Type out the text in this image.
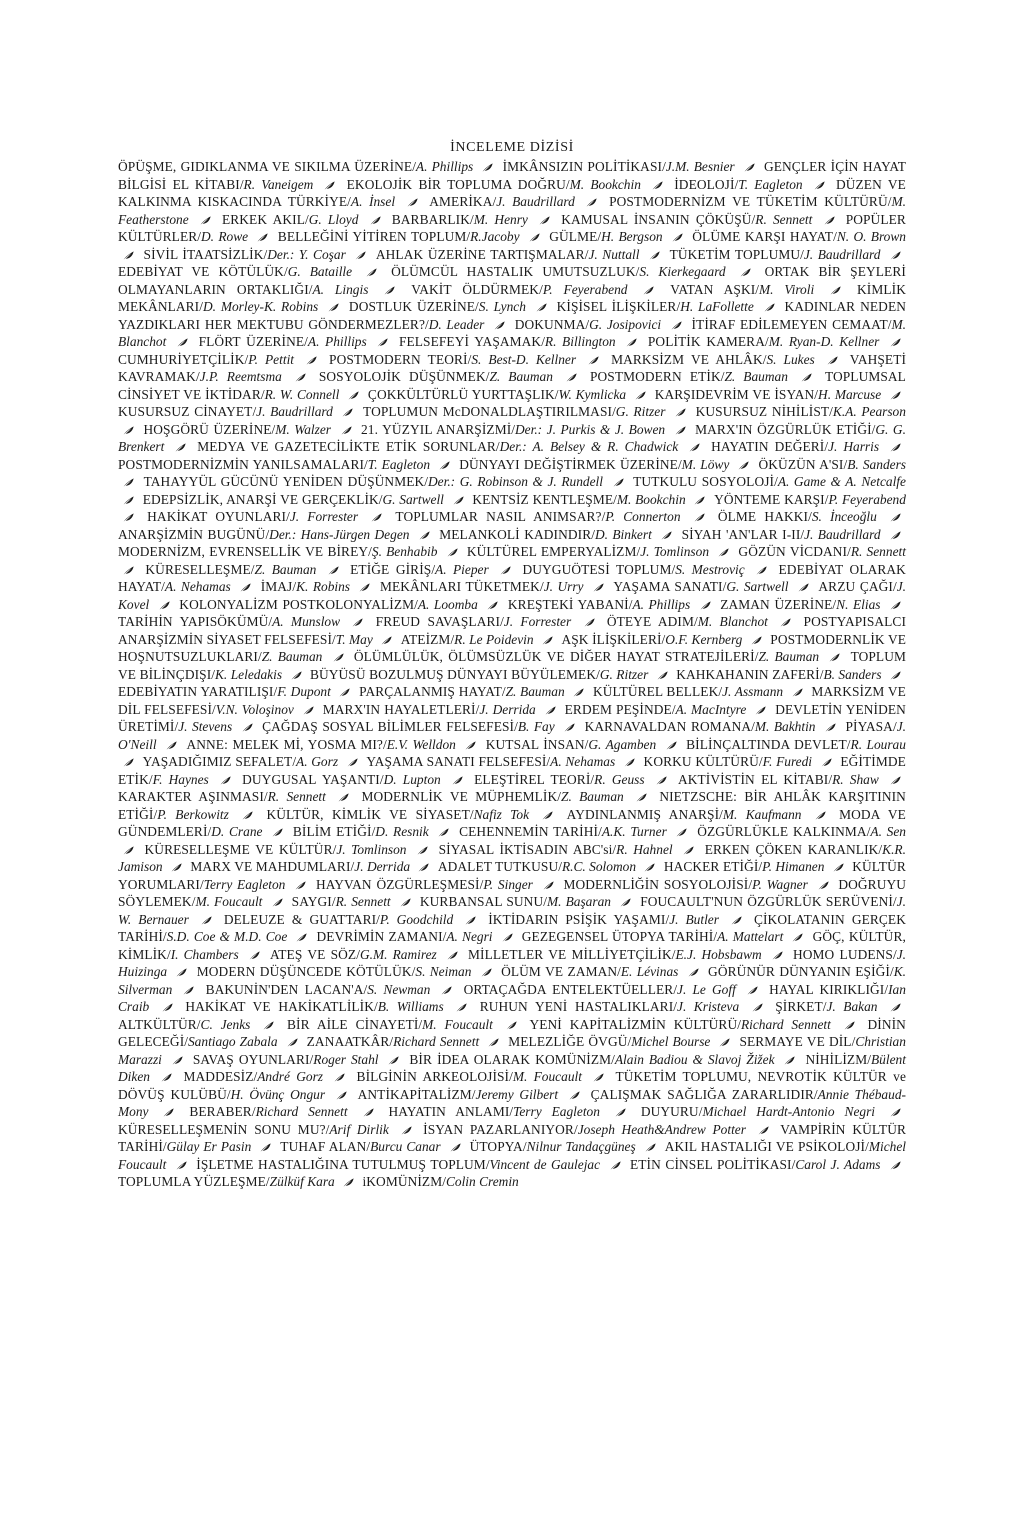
İNCELEME DİZİSİ

ÖPÜŞME, GIDIKLANMA VE SIKILMA ÜZERİNE/A. Phillips İMKÂNSIZIN POLİTİKASI/J.M. Besnier GENÇLER İÇİN HAYAT BİLGİSİ EL KİTABI/R. Vaneigem EKOLOJİK BİR TOPLUMA DOĞRU/M. Bookchin İDEOLOJİ/T. Eagleton DÜZEN VE KALKINMA KISKACINDA TÜRKİYE/A. İnsel	AMERİKA/J. Baudrillard	POSTMODERNİZM VE TÜKETİM KÜLTÜRÜ/M. Featherstone ERKEK AKIL/G. Lloyd BARBARLIK/M. Henry KAMUSAL İNSANIN ÇÖKÜŞÜ/R. Sennett POPÜLER KÜLTÜRLER/D. Rowe BELLEĞİNİ YİTİREN TOPLUM/R.Jacoby GÜLME/H. Bergson ÖLÜME KARŞI HAYAT/N. O. Brown
SİVİL İTAATSİZLİK/Der.: Y. Coşar AHLAK ÜZERİNE TARTIŞMALAR/J. Nuttall TÜKETİM TOPLUMU/J. Baudrillard
EDEBİYAT VE KÖTÜLÜK/G. Bataille	ÖLÜMCÜL HASTALIK UMUTSUZLUK/S. Kierkegaard	ORTAK BİR ŞEYLERİ OLMAYANLARIN ORTAKLIĞI/A. Lingis	VAKİT ÖLDÜRMEK/P. Feyerabend	VATAN AŞKI/M. Viroli	KİMLİK MEKÂNLARI/D. Morley-K. Robins DOSTLUK ÜZERİNE/S. Lynch KİŞİSEL İLİŞKİLER/H. LaFollette KADINLAR NEDEN YAZDIKLARI HER MEKTUBU GÖNDERMEZLER?/D. Leader DOKUNMA/G. Josipovici İTİRAF EDİLEMEYEN CEMAAT/M. Blanchot FLÖRT ÜZERİNE/A. Phillips FELSEFEYİ YAŞAMAK/R. Billington POLİTİK KAMERA/M. Ryan-D. Kellner
CUMHURİYETÇİLİK/P. Pettit	POSTMODERN TEORİ/S. Best-D. Kellner	MARKSİZM VE AHLÂK/S. Lukes	VAHŞETİ KAVRAMAK/J.P. Reemtsma	SOSYOLOJİK DÜŞÜNMEK/Z. Bauman	POSTMODERN ETİK/Z. Bauman	TOPLUMSAL CİNSİYET VE İKTİDAR/R. W. Connell ÇOKKÜLTÜRLÜ YURTTAŞLIK/W. Kymlicka KARŞIDEVRİM VE İSYAN/H. Marcuse
KUSURSUZ CİNAYET/J. Baudrillard TOPLUMUN McDONALDLAŞTIRILMASI/G. Ritzer KUSURSUZ NİHİLİST/K.A. Pearson
HOŞGÖRÜ ÜZERİNE/M. Walzer 21. YÜZYIL ANARŞİZMİ/Der.: J. Purkis & J. Bowen MARX'IN ÖZGÜRLÜK ETİĞİ/G. G. Brenkert MEDYA VE GAZETECİLİKTE ETİK SORUNLAR/Der.: A. Belsey & R. Chadwick HAYATIN DEĞERİ/J. Harris
POSTMODERNİZMİN YANILSAMALARI/T. Eagleton DÜNYAYI DEĞİŞTİRMEK ÜZERİNE/M. Löwy ÖKÜZÜN A'SI/B. Sanders
TAHAYYÜL GÜCÜNÜ YENİDEN DÜŞÜNMEK/Der.: G. Robinson & J. Rundell TUTKULU SOSYOLOJİ/A. Game & A. Netcalfe
EDEPSİZLİK, ANARŞİ VE GERÇEKLİK/G. Sartwell KENTSİZ KENTLEŞME/M. Bookchin YÖNTEME KARŞI/P. Feyerabend
HAKİKAT OYUNLARI/J. Forrester	TOPLUMLAR NASIL ANIMSAR?/P. Connerton	ÖLME HAKKI/S. İnceoğlu
ANARŞİZMİN BUGÜNÜ/Der.: Hans-Jürgen Degen MELANKOLİ KADINDIR/D. Binkert SİYAH 'AN'LAR I-II/J. Baudrillard
MODERNİZM, EVRENSELLİK VE BİREY/Ş. Benhabib KÜLTÜREL EMPERYALİZM/J. Tomlinson GÖZÜN VİCDANI/R. Sennett
KÜRESELLEŞME/Z. Bauman	ETİĞE GİRİŞ/A. Pieper	DUYGUÖTESİ TOPLUM/S. Mestroviç	EDEBİYAT OLARAK HAYAT/A. Nehamas İMAJ/K. Robins MEKÂNLARI TÜKETMEK/J. Urry YAŞAMA SANATI/G. Sartwell ARZU ÇAĞI/J. Kovel KOLONYALİZM POSTKOLONYALİZM/A. Loomba KREŞTEKİ YABANİ/A. Phillips ZAMAN ÜZERİNE/N. Elias
TARİHİN YAPISÖKÜMÜ/A. Munslow	FREUD SAVAŞLARI/J. Forrester	ÖTEYE ADIM/M. Blanchot	POSTYAPISALCI ANARŞİZMİN SİYASET FELSEFESİ/T. May ATEİZM/R. Le Poidevin AŞK İLİŞKİLERİ/O.F. Kernberg POSTMODERNLİK VE HOŞNUTSUZLUKLARI/Z. Bauman ÖLÜMLÜLÜK, ÖLÜMSÜZLÜK VE DİĞER HAYAT STRATEJİLERİ/Z. Bauman TOPLUM VE BİLİNÇDIŞI/K. Leledakis BÜYÜSÜ BOZULMUŞ DÜNYAYI BÜYÜLEMEK/G. Ritzer KAHKAHANIN ZAFERİ/B. Sanders
EDEBİYATIN YARATILIŞI/F. Dupont PARÇALANMIŞ HAYAT/Z. Bauman KÜLTÜREL BELLEK/J. Assmann MARKSİZM VE DİL FELSEFESİ/V.N. Voloşinov MARX'IN HAYALETLERİ/J. Derrida ERDEM PEŞİNDE/A. MacIntyre DEVLETİN YENİDEN ÜRETİMİ/J. Stevens ÇAĞDAŞ SOSYAL BİLİMLER FELSEFESİ/B. Fay KARNAVALDAN ROMANA/M. Bakhtin PİYASA/J. O'Neill ANNE: MELEK Mİ, YOSMA MI?/E.V. Welldon KUTSAL İNSAN/G. Agamben BİLİNÇALTINDA DEVLET/R. Lourau
YAŞADIĞIMIZ SEFALET/A. Gorz YAŞAMA SANATI FELSEFESİ/A. Nehamas KORKU KÜLTÜRÜ/F. Furedi EĞİTİMDE ETİK/F. Haynes DUYGUSAL YAŞANTI/D. Lupton ELEŞTİREL TEORİ/R. Geuss AKTİVİSTİN EL KİTABI/R. Shaw
KARAKTER AŞINMASI/R. Sennett	MODERNLİK VE MÜPHEMLİK/Z. Bauman	NIETZSCHE: BİR AHLÂK KARŞITININ ETİĞİ/P. Berkowitz	KÜLTÜR, KİMLİK VE SİYASET/Nafiz Tok	AYDINLANMIŞ ANARŞİ/M. Kaufmann	MODA VE GÜNDEMLERİ/D. Crane BİLİM ETİĞİ/D. Resnik CEHENNEMİN TARİHİ/A.K. Turner ÖZGÜRLÜKLE KALKINMA/A. Sen
KÜRESELLEŞME VE KÜLTÜR/J. Tomlinson SİYASAL İKTİSADIN ABC'si/R. Hahnel ERKEN ÇÖKEN KARANLIK/K.R. Jamison MARX VE MAHDUMLARI/J. Derrida ADALET TUTKUSU/R.C. Solomon HACKER ETİĞİ/P. Himanen KÜLTÜR YORUMLARI/Terry Eagleton HAYVAN ÖZGÜRLEŞMESİ/P. Singer MODERNLİĞİN SOSYOLOJİSİ/P. Wagner DOĞRUYU SÖYLEMEK/M. Foucault SAYGI/R. Sennett KURBANSAL SUNU/M. Başaran FOUCAULT'NUN ÖZGÜRLÜK SERÜVENİ/J. W. Bernauer	DELEUZE & GUATTARI/P. Goodchild	İKTİDARIN PSİŞİK YAŞAMI/J. Butler	ÇİKOLATANIN GERÇEK TARİHİ/S.D. Coe & M.D. Coe DEVRİMİN ZAMANI/A. Negri GEZEGENSEL ÜTOPYA TARİHİ/A. Mattelart GÖÇ, KÜLTÜR, KİMLİK/I. Chambers ATEŞ VE SÖZ/G.M. Ramirez MİLLETLER VE MİLLİYETÇİLİK/E.J. Hobsbawm HOMO LUDENS/J. Huizinga MODERN DÜŞÜNCEDE KÖTÜLÜK/S. Neiman ÖLÜM VE ZAMAN/E. Lévinas GÖRÜNÜR DÜNYANIN EŞİĞİ/K. Silverman BAKUNİN'DEN LACAN'A/S. Newman ORTAÇAĞDA ENTELEKTÜELLER/J. Le Goff HAYAL KIRIKLIĞI/Ian Craib	HAKİKAT VE HAKİKATLİLİK/B. Williams	RUHUN YENİ HASTALIKLARI/J. Kristeva	ŞİRKET/J. Bakan
ALTKÜLTÜR/C. Jenks	BİR AİLE CİNAYETİ/M. Foucault	YENİ KAPİTALİZMİN KÜLTÜRÜ/Richard Sennett	DİNİN GELECEĞİ/Santiago Zabala ZANAATKÂR/Richard Sennett MELEZLİĞE ÖVGÜ/Michel Bourse SERMAYE VE DİL/Christian Marazzi SAVAŞ OYUNLARI/Roger Stahl BİR İDEA OLARAK KOMÜNİZM/Alain Badiou & Slavoj Žižek NİHİLİZM/Bülent Diken	MADDESİZ/André Gorz	BİLGİNİN ARKEOLOJİSİ/M. Foucault	TÜKETİM TOPLUMU, NEVROTİK KÜLTÜR ve DÖVÜŞ KULÜBÜ/H. Övünç Ongur ANTİKAPİTALİZM/Jeremy Gilbert ÇALIŞMAK SAĞLIĞA ZARARLIDIR/Annie Thébaud-Mony	BERABER/Richard Sennett	HAYATIN ANLAMI/Terry Eagleton	DUYURU/Michael Hardt-Antonio Negri
KÜRESELLEŞMENİN SONU MU?/Arif Dirlik	İSYAN PAZARLANIYOR/Joseph Heath&Andrew Potter	VAMPİRİN KÜLTÜR TARİHİ/Gülay Er Pasin TUHAF ALAN/Burcu Canar ÜTOPYA/Nilnur Tandaçgüneş AKIL HASTALIĞI VE PSİKOLOJİ/Michel Foucault İŞLETME HASTALIĞINA TUTULMUŞ TOPLUM/Vincent de Gaulejac ETİN CİNSEL POLİTİKASI/Carol J. Adams
TOPLUMLA YÜZLEŞME/Zülküf Kara iKOMÜNİZM/Colin Cremin
